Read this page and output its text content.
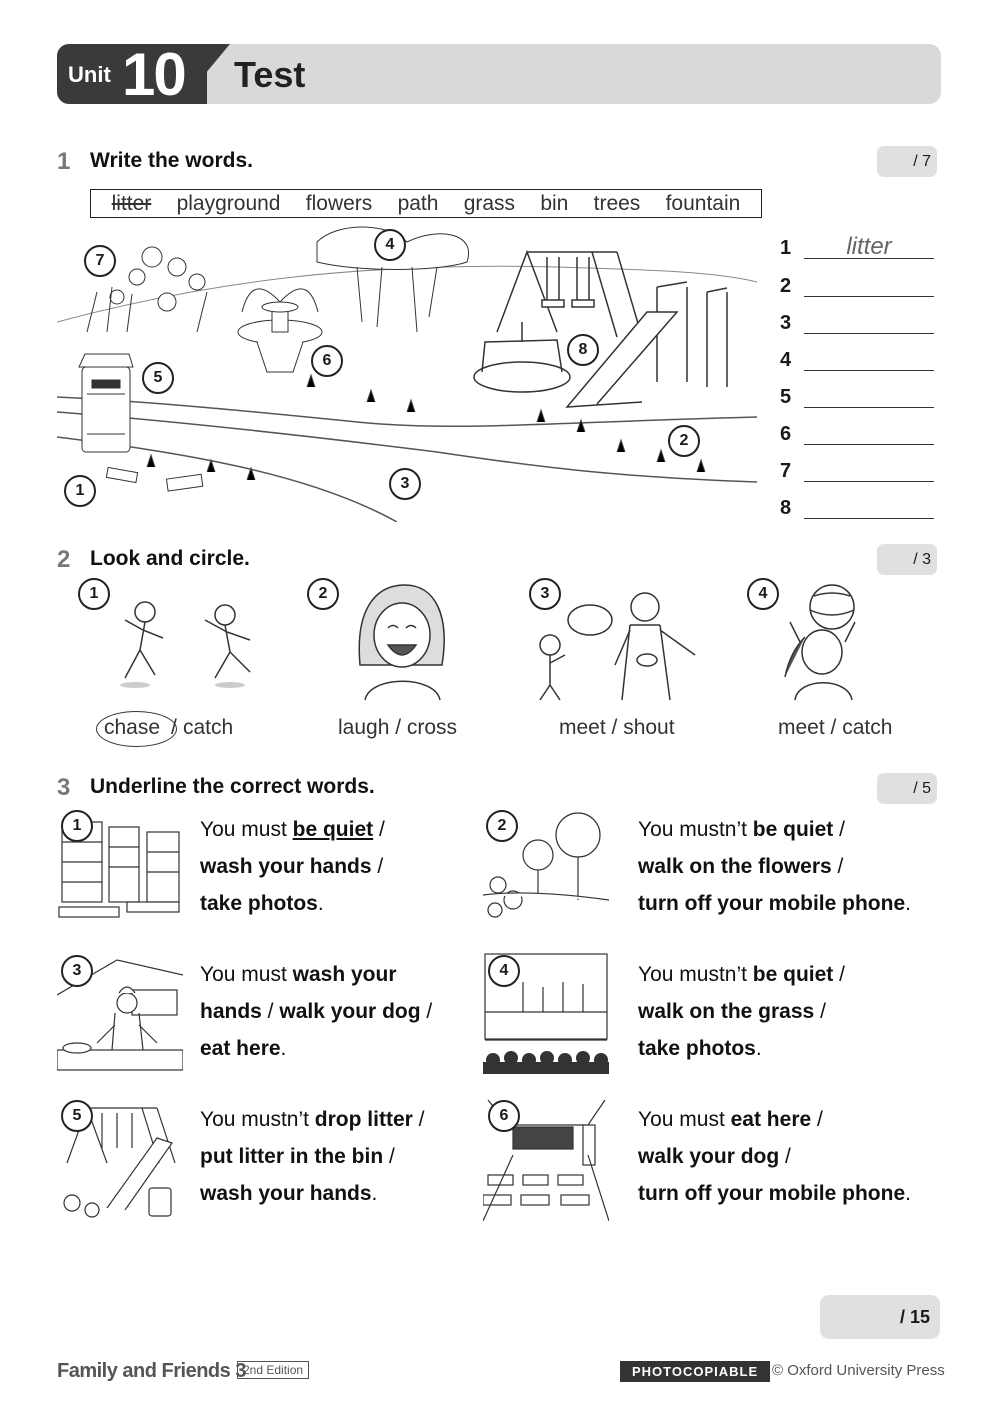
Unit 10 Test
1 Write the words.	/ 7
litter playground flowers path grass bin trees fountain
1
2
3
4
5
6
7
8
1	litter
2
3
4
5
6
7
8
2 Look and circle.	/ 3
1	2	3	4
chase / catch	laugh / cross	meet / shout	meet / catch
3 Underline the correct words.	/ 5
1	2
3	4
5	6
You must be quiet /
wash your hands /
take photos.
You mustn’t be quiet /
walk on the flowers /
turn off your mobile phone.
You must wash your
hands / walk your dog /
eat here.
You mustn’t be quiet /
walk on the grass /
take photos.
You mustn’t drop litter /
put litter in the bin /
wash your hands.
You must eat here /
walk your dog /
turn off your mobile phone.
/ 15
Family and Friends 3
2nd Edition	PHOTOCOPIABLE © Oxford University Press
